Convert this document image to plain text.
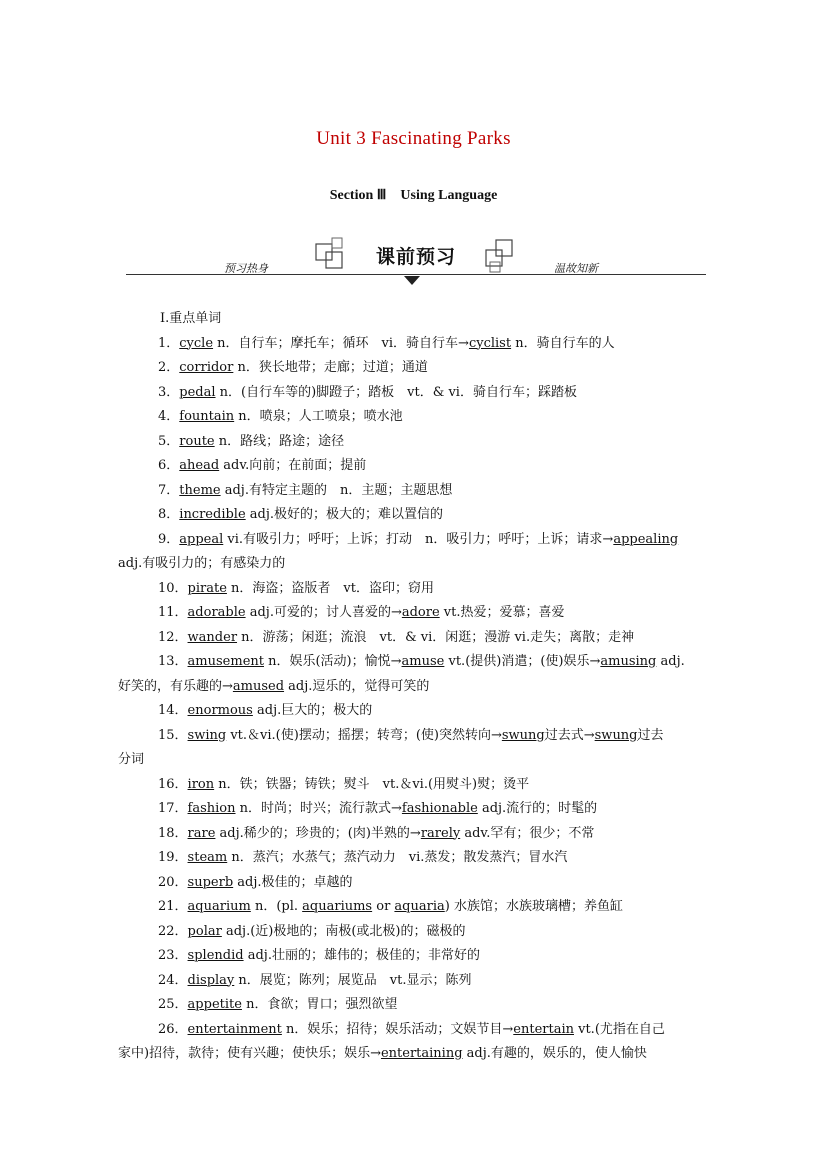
Unit 3 Fascinating Parks
Section Ⅲ　Using Language
课前预习
预习热身	温故知新
Ⅰ.重点单词
1．cycle n．自行车；摩托车；循环　vi．骑自行车→cyclist n．骑自行车的人
2．corridor n．狭长地带；走廊；过道；通道
3．pedal n．(自行车等的)脚蹬子；踏板　vt．& vi．骑自行车；踩踏板
4．fountain n．喷泉；人工喷泉；喷水池
5．route n．路线；路途；途径
6．ahead adv.向前；在前面；提前
7．theme adj.有特定主题的　n．主题；主题思想
8．incredible adj.极好的；极大的；难以置信的
9．appeal vi.有吸引力；呼吁；上诉；打动　n．吸引力；呼吁；上诉；请求→appealing
adj.有吸引力的；有感染力的
10．pirate n．海盗；盗版者　vt．盗印；窃用
11．adorable adj.可爱的；讨人喜爱的→adore vt.热爱；爱慕；喜爱
12．wander n．游荡；闲逛；流浪　vt．& vi．闲逛；漫游 vi.走失；离散；走神
13．amusement n．娱乐(活动)；愉悦→amuse vt.(提供)消遣；(使)娱乐→amusing adj.
好笑的，有乐趣的→amused adj.逗乐的，觉得可笑的
14．enormous adj.巨大的；极大的
15．swing vt.＆vi.(使)摆动；摇摆；转弯；(使)突然转向→swung过去式→swung过去
分词
16．iron n．铁；铁器；铸铁；熨斗　vt.＆vi.(用熨斗)熨；烫平
17．fashion n．时尚；时兴；流行款式→fashionable adj.流行的；时髦的
18．rare adj.稀少的；珍贵的；(肉)半熟的→rarely adv.罕有；很少；不常
19．steam n．蒸汽；水蒸气；蒸汽动力　vi.蒸发；散发蒸汽；冒水汽
20．superb adj.极佳的；卓越的
21．aquarium n．(pl. aquariums or aquaria) 水族馆；水族玻璃槽；养鱼缸
22．polar adj.(近)极地的；南极(或北极)的；磁极的
23．splendid adj.壮丽的；雄伟的；极佳的；非常好的
24．display n．展览；陈列；展览品　vt.显示；陈列
25．appetite n．食欲；胃口；强烈欲望
26．entertainment n．娱乐；招待；娱乐活动；文娱节目→entertain vt.(尤指在自己
家中)招待，款待；使有兴趣；使快乐；娱乐→entertaining adj.有趣的，娱乐的，使人愉快
